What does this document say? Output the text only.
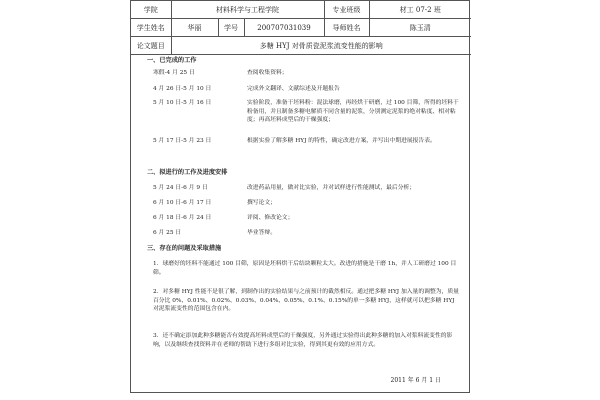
学院	材料科学与工程学院			专业班级	材工 07-2 班
学生姓名	华丽	学号	200707031039	导师姓名	陈玉清
论文题目	多糖 HYJ 对骨质瓷泥浆流变性能的影响				
一、已完成的工作
寒假-4 月 25 日	查阅收集资料；
4 月 26 日-5 月 10 日	完成外文翻译、文献综述及开题报告
5 月 10 日-5 月 16 日	实验阶段，准备干坯料粉：混法球磨，再经烘干研磨，过 100 目筛，所得的坯料干粉备用，并且制备多糖电解质不同含量的泥浆，分别测定泥浆的绝对粘度、相对粘度；再高坯料成型后的干燥强度；
5 月 17 日-5 月 23 日	根据实验了解多糖 HYJ 的特性，确定改进方案，并写出中期进展报告表。
二、拟进行的工作及进度安排
5 月 24 日-6 月 9 日	改进药品用量，做对比实验，并对试样进行性能测试，最后分析；
6 月 10 日-6 月 17 日	撰写论文；
6 月 18 日-6 月 24 日	评阅、修改论文；
6 月 25 日	毕业答辩。
三、存在的问题及采取措施
1．球磨好的坯料不能通过 100 目筛，原因是坯料烘干后结块颗粒太大。改进的措施是干磨 1h，并人工研磨过 100 目筛。
2．对多糖 HYJ 性能不是很了解，到制作出的实验结果与之前预计的截然相反。通过把多糖 HYJ 加入量的调整为，质量百分比 0%、0.01%、0.02%、0.03%、0.04%、0.05%、0.1%、0.15%的单一多糖 HYJ，这样就可以把多糖 HYJ 对泥浆流变性的范围包含在内。
3．还不确定添加此种多糖能否有效提高坯料成型后的干燥强度，另外通过实验得出此种多糖的加入对浆料流变性的影响，以及继续查找资料并在老师的帮助下进行多组对比实验，得到其更有效的应用方式。
2011 年 6 月 1 日
